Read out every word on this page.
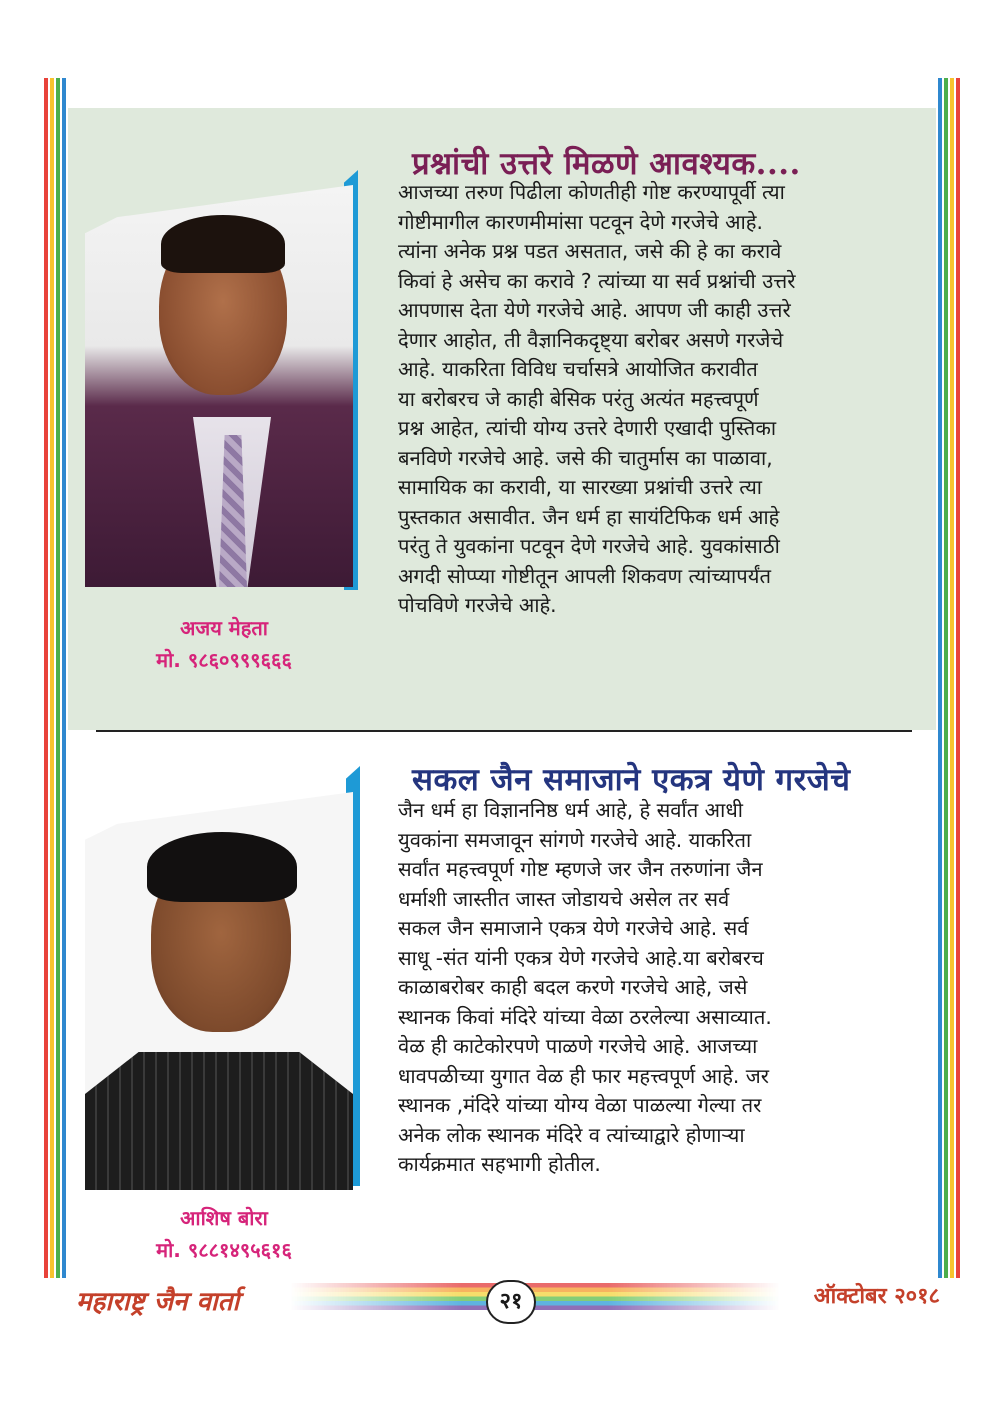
अजय मेहता
मो. ९८६०९९९६६६
प्रश्नांची उत्तरे मिळणे आवश्यक....

आजच्या तरुण पिढीला कोणतीही गोष्ट करण्यापूर्वी त्या

गोष्टीमागील कारणमीमांसा पटवून देणे गरजेचे आहे.

त्यांना अनेक प्रश्न पडत असतात, जसे की हे का करावे

किवां हे असेच का करावे ? त्यांच्या या सर्व प्रश्नांची उत्तरे

आपणास देता येणे गरजेचे आहे. आपण जी काही उत्तरे

देणार आहोत, ती वैज्ञानिकदृष्ट्या बरोबर असणे गरजेचे

आहे. याकरिता विविध चर्चासत्रे आयोजित करावीत

या बरोबरच जे काही बेसिक परंतु अत्यंत महत्त्वपूर्ण

प्रश्न आहेत, त्यांची योग्य उत्तरे देणारी एखादी पुस्तिका

बनविणे गरजेचे आहे. जसे की चातुर्मास का पाळावा,

सामायिक का करावी, या सारख्या प्रश्नांची उत्तरे त्या

पुस्तकात असावीत. जैन धर्म हा सायंटिफिक धर्म आहे

परंतु ते युवकांना पटवून देणे गरजेचे आहे. युवकांसाठी

अगदी सोप्प्या गोष्टीतून आपली शिकवण त्यांच्यापर्यंत

पोचविणे गरजेचे आहे.

आशिष बोरा
मो. ९८८१४९५६१६
सकल जैन समाजाने एकत्र येणे गरजेचे

जैन धर्म हा विज्ञाननिष्ठ धर्म आहे, हे सर्वांत आधी

युवकांना समजावून सांगणे गरजेचे आहे. याकरिता

सर्वांत महत्त्वपूर्ण गोष्ट म्हणजे जर जैन तरुणांना जैन

धर्माशी जास्तीत जास्त जोडायचे असेल तर सर्व

सकल जैन समाजाने एकत्र येणे गरजेचे आहे. सर्व

साधू -संत यांनी एकत्र येणे गरजेचे आहे.या बरोबरच

काळाबरोबर काही बदल करणे गरजेचे आहे, जसे

स्थानक किवां मंदिरे यांच्या वेळा ठरलेल्या असाव्यात.

वेळ ही काटेकोरपणे पाळणे गरजेचे आहे. आजच्या

धावपळीच्या युगात वेळ ही फार महत्त्वपूर्ण आहे. जर

स्थानक ,मंदिरे यांच्या योग्य वेळा पाळल्या गेल्या तर

अनेक लोक स्थानक मंदिरे व त्यांच्याद्वारे होणाऱ्या

कार्यक्रमात सहभागी होतील.

महाराष्ट्र जैन वार्ता	२१	ऑक्टोबर २०१८
